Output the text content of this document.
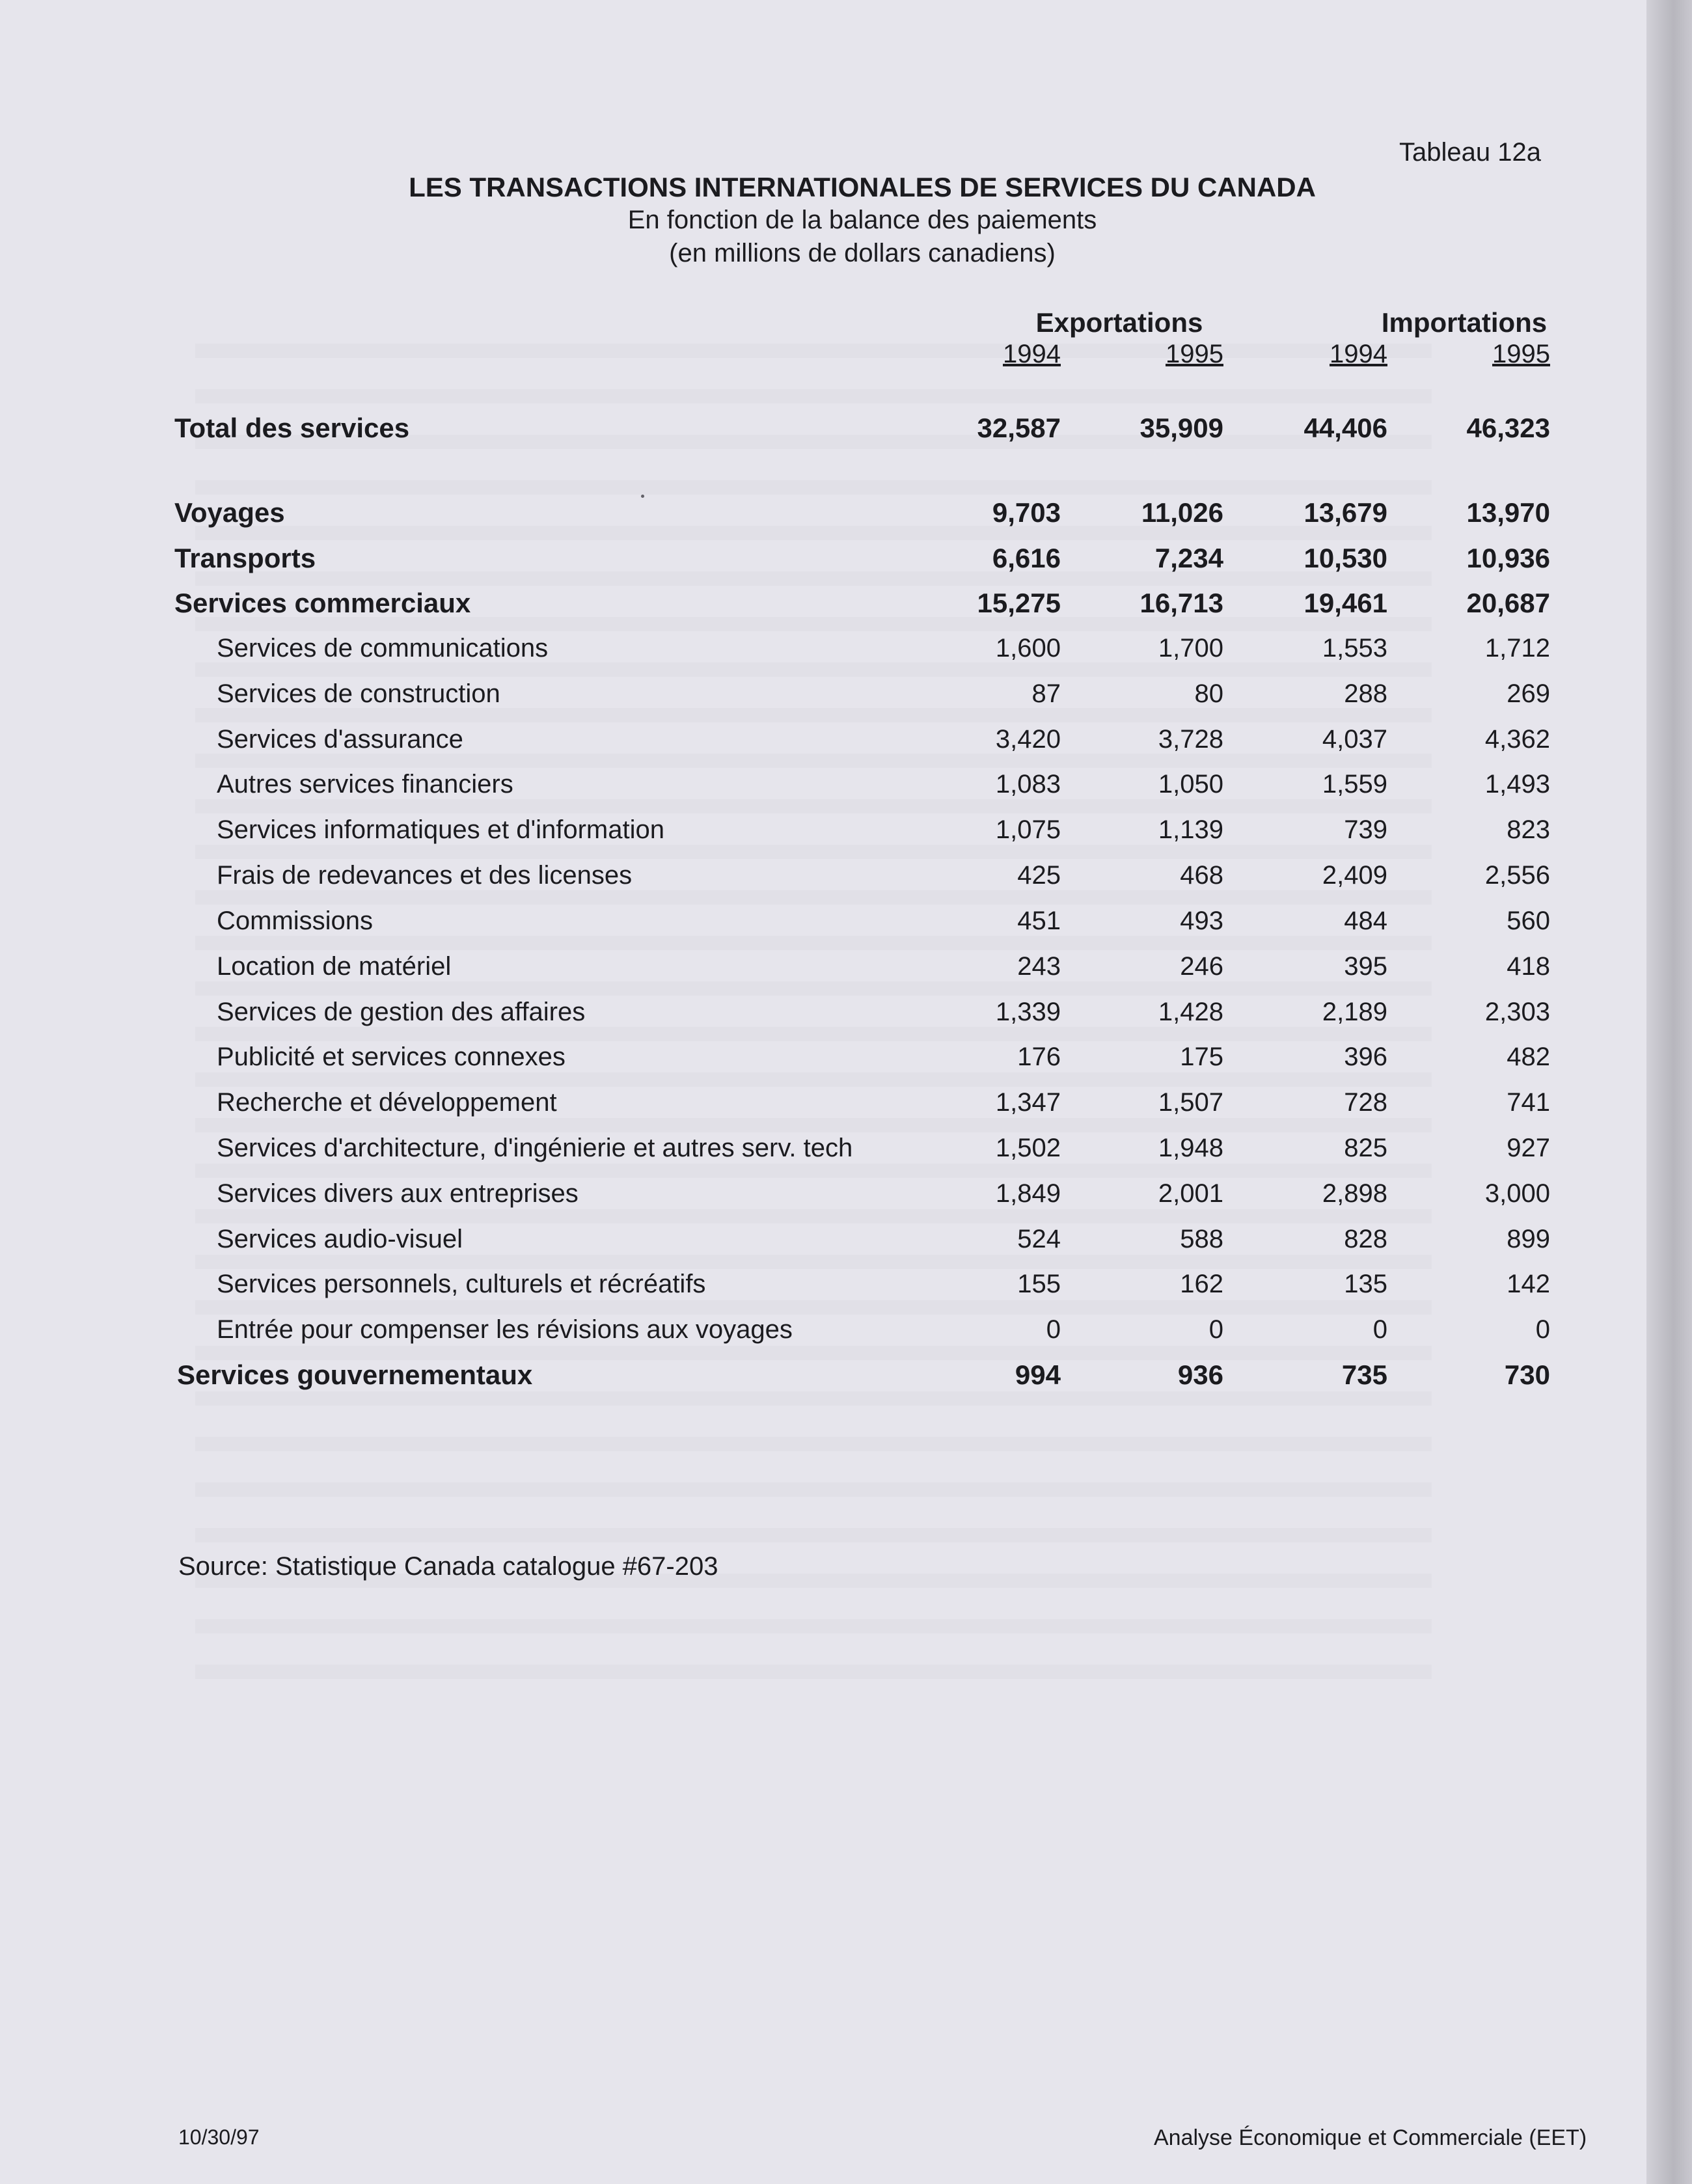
Tableau 12a
LES TRANSACTIONS INTERNATIONALES DE SERVICES DU CANADA
En fonction de la balance des paiements
(en millions de dollars canadiens)
Exportations	Importations
1994	1995	1994	1995
Total des services	32,587	35,909	44,406	46,323
Voyages	9,703	11,026	13,679	13,970
Transports	6,616	7,234	10,530	10,936
Services commerciaux	15,275	16,713	19,461	20,687
Services de communications	1,600	1,700	1,553	1,712
Services de construction	87	80	288	269
Services d'assurance	3,420	3,728	4,037	4,362
Autres services financiers	1,083	1,050	1,559	1,493
Services informatiques et d'information	1,075	1,139	739	823
Frais de redevances et des licenses	425	468	2,409	2,556
Commissions	451	493	484	560
Location de matériel	243	246	395	418
Services de gestion des affaires	1,339	1,428	2,189	2,303
Publicité et services connexes	176	175	396	482
Recherche et développement	1,347	1,507	728	741
Services d'architecture, d'ingénierie et autres serv. tech	1,502	1,948	825	927
Services divers aux entreprises	1,849	2,001	2,898	3,000
Services audio-visuel	524	588	828	899
Services personnels, culturels et récréatifs	155	162	135	142
Entrée pour compenser les révisions aux voyages	0	0	0	0
Services gouvernementaux	994	936	735	730
Source: Statistique Canada catalogue #67-203
10/30/97	Analyse Économique et Commerciale (EET)
